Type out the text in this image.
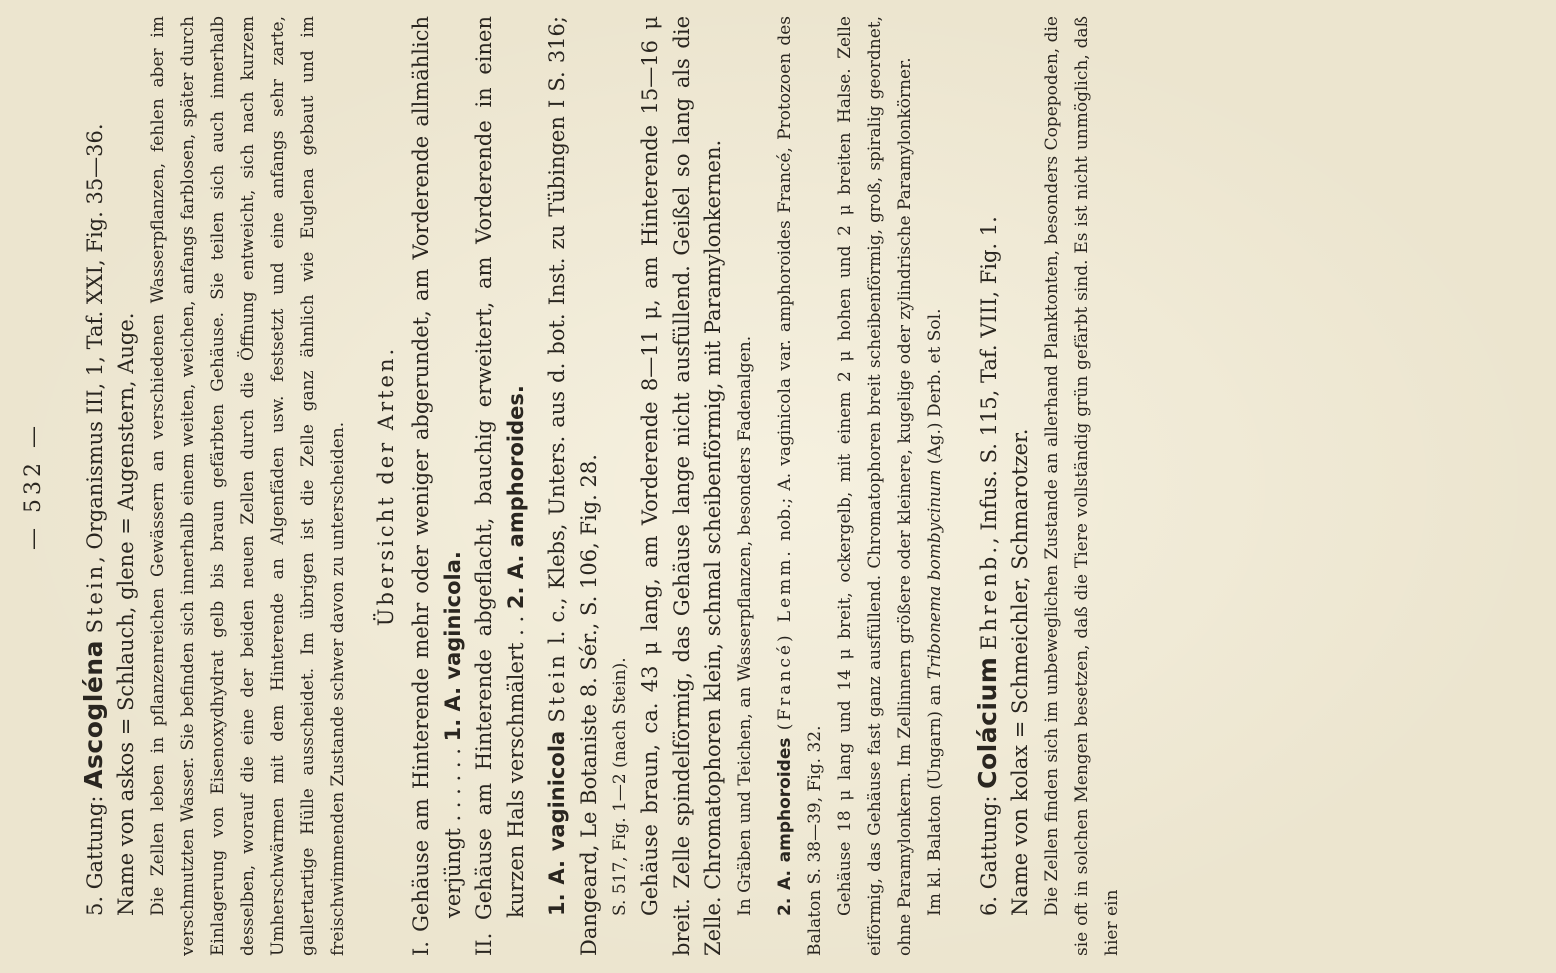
— 532 —

5. Gattung: Ascogléna Stein, Organismus III, 1, Taf. XXI, Fig. 35—36. Name von askos = Schlauch, glene = Augenstern, Auge. Die Zellen leben in pflanzenreichen Gewässern an verschiedenen Wasserpflanzen, fehlen aber im verschmutzten Wasser. Sie befinden sich innerhalb einem weiten, weichen, anfangs farblosen, später durch Einlagerung von Eisenoxydhydrat gelb bis braun gefärbten Gehäuse. Sie teilen sich auch innerhalb desselben, worauf die eine der beiden neuen Zellen durch die Öffnung entweicht, sich nach kurzem Umherschwärmen mit dem Hinterende an Algenfäden usw. festsetzt und eine anfangs sehr zarte, gallertartige Hülle ausscheidet. Im übrigen ist die Zelle ganz ähnlich wie Euglena gebaut und im freischwimmenden Zustande schwer davon zu unterscheiden. Übersicht der Arten. I. Gehäuse am Hinterende mehr oder weniger abgerundet, am Vorderende allmählich verjüngt . . . . . . 1. A. vaginicola. II. Gehäuse am Hinterende abgeflacht, bauchig erweitert, am Vorderende in einen kurzen Hals verschmälert . . 2. A. amphoroides.

1. A. vaginicola Stein l. c., Klebs, Unters. aus d. bot. Inst. zu Tübingen I S. 316; Dangeard, Le Botaniste 8. Sér., S. 106, Fig. 28. S. 517, Fig. 1—2 (nach Stein). Gehäuse braun, ca. 43 μ lang, am Vorderende 8—11 μ, am Hinterende 15—16 μ breit. Zelle spindelförmig, das Gehäuse lange nicht ausfüllend. Geißel so lang als die Zelle. Chromatophoren klein, schmal scheibenförmig, mit Paramylonkernen. In Gräben und Teichen, an Wasserpflanzen, besonders Fadenalgen. 2. A. amphoroides (Francé) Lemm. nob.; A. vaginicola var. amphoroides Francé, Protozoen des Balaton S. 38—39, Fig. 32. Gehäuse 18 μ lang und 14 μ breit, ockergelb, mit einem 2 μ hohen und 2 μ breiten Halse. Zelle eiförmig, das Gehäuse fast ganz ausfüllend. Chromatophoren breit scheibenförmig, groß, spiralig geordnet, ohne Paramylonkern. Im Zellinnern größere oder kleinere, kugelige oder zylindrische Paramylonkörner. Im kl. Balaton (Ungarn) an Tribonema bombycinum (Ag.) Derb. et Sol.

6. Gattung: Colácium Ehrenb., Infus. S. 115, Taf. VIII, Fig. 1.

Name von kolax = Schmeichler, Schmarotzer. Die Zellen finden sich im unbeweglichen Zustande an allerhand Planktonten, besonders Copepoden, die sie oft in solchen Mengen besetzen, daß die Tiere vollständig grün gefärbt sind. Es ist nicht unmöglich, daß hier ein
